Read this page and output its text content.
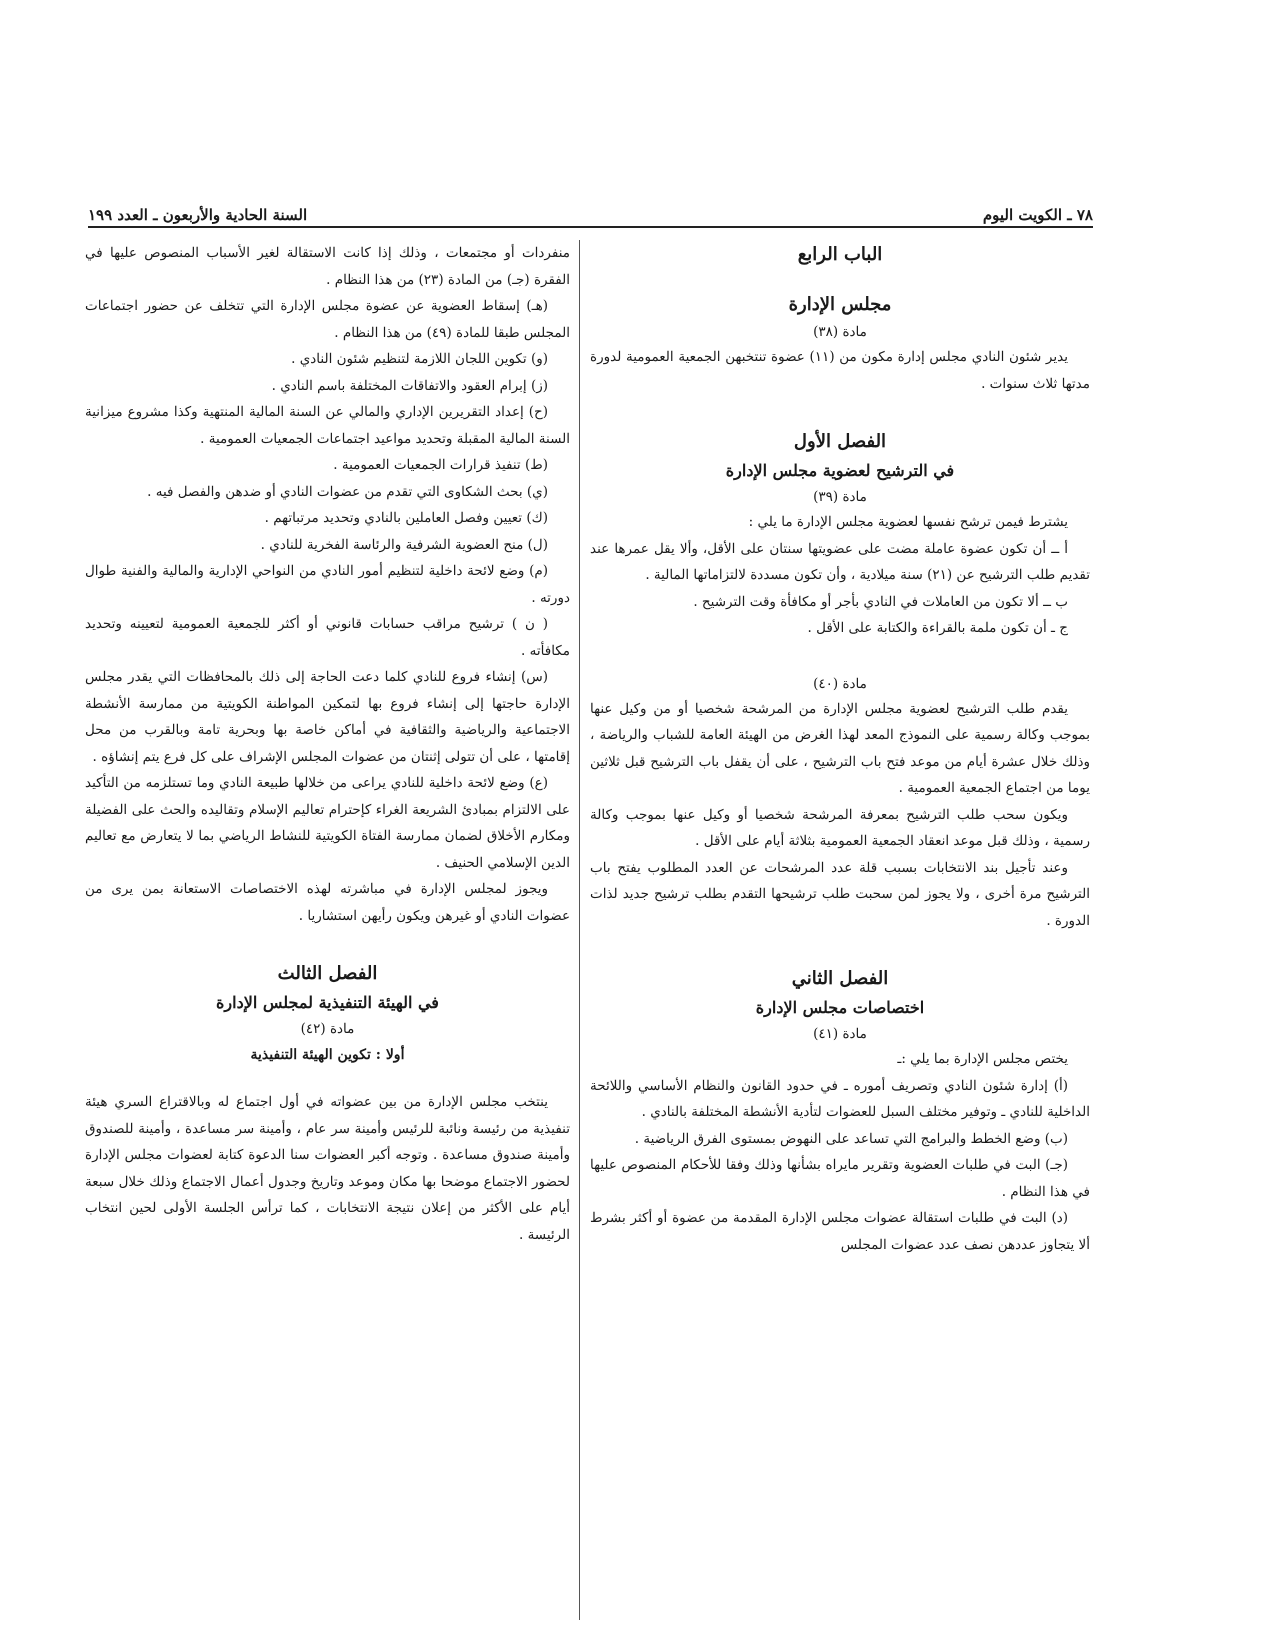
٧٨ ـ الكويت اليوم
السنة الحادية والأربعون ـ العدد ١٩٩
الباب الرابع
مجلس الإدارة
مادة (٣٨)

يدير شئون النادي مجلس إدارة مكون من (١١) عضوة تنتخبهن الجمعية العمومية لدورة مدتها ثلاث سنوات .

الفصل الأول
في الترشيح لعضوية مجلس الإدارة
مادة (٣٩)

يشترط فيمن ترشح نفسها لعضوية مجلس الإدارة ما يلي :

أ ــ أن تكون عضوة عاملة مضت على عضويتها سنتان على الأقل، وألا يقل عمرها عند تقديم طلب الترشيح عن (٢١) سنة ميلادية ، وأن تكون مسددة لالتزاماتها المالية .

ب ــ ألا تكون من العاملات في النادي بأجر أو مكافأة وقت الترشيح .

ج ـ أن تكون ملمة بالقراءة والكتابة على الأقل .

مادة (٤٠)

يقدم طلب الترشيح لعضوية مجلس الإدارة من المرشحة شخصيا أو من وكيل عنها بموجب وكالة رسمية على النموذج المعد لهذا الغرض من الهيئة العامة للشباب والرياضة ، وذلك خلال عشرة أيام من موعد فتح باب الترشيح ، على أن يقفل باب الترشيح قبل ثلاثين يوما من اجتماع الجمعية العمومية .

ويكون سحب طلب الترشيح بمعرفة المرشحة شخصيا أو وكيل عنها بموجب وكالة رسمية ، وذلك قبل موعد انعقاد الجمعية العمومية بثلاثة أيام على الأقل .

وعند تأجيل بند الانتخابات بسبب قلة عدد المرشحات عن العدد المطلوب يفتح باب الترشيح مرة أخرى ، ولا يجوز لمن سحبت طلب ترشيحها التقدم بطلب ترشيح جديد لذات الدورة .

الفصل الثاني
اختصاصات مجلس الإدارة
مادة (٤١)

يختص مجلس الإدارة بما يلي :ـ

(أ) إدارة شئون النادي وتصريف أموره ـ في حدود القانون والنظام الأساسي واللائحة الداخلية للنادي ـ وتوفير مختلف السبل للعضوات لتأدية الأنشطة المختلفة بالنادي .

(ب) وضع الخطط والبرامج التي تساعد على النهوض بمستوى الفرق الرياضية .

(جـ) البت في طلبات العضوية وتقرير مايراه بشأنها وذلك وفقا للأحكام المنصوص عليها في هذا النظام .

(د) البت في طلبات استقالة عضوات مجلس الإدارة المقدمة من عضوة أو أكثر بشرط ألا يتجاوز عددهن نصف عدد عضوات المجلس

منفردات أو مجتمعات ، وذلك إذا كانت الاستقالة لغير الأسباب المنصوص عليها في الفقرة (جـ) من المادة (٢٣) من هذا النظام .

(هـ) إسقاط العضوية عن عضوة مجلس الإدارة التي تتخلف عن حضور اجتماعات المجلس طبقا للمادة (٤٩) من هذا النظام .

(و) تكوين اللجان اللازمة لتنظيم شئون النادي .

(ز) إبرام العقود والاتفاقات المختلفة باسم النادي .

(ح) إعداد التقريرين الإداري والمالي عن السنة المالية المنتهية وكذا مشروع ميزانية السنة المالية المقبلة وتحديد مواعيد اجتماعات الجمعيات العمومية .

(ط) تنفيذ قرارات الجمعيات العمومية .

(ي) بحث الشكاوى التي تقدم من عضوات النادي أو ضدهن والفصل فيه .

(ك) تعيين وفصل العاملين بالنادي وتحديد مرتباتهم .

(ل) منح العضوية الشرفية والرئاسة الفخرية للنادي .

(م) وضع لائحة داخلية لتنظيم أمور النادي من النواحي الإدارية والمالية والفنية طوال دورته .

( ن ) ترشيح مراقب حسابات قانوني أو أكثر للجمعية العمومية لتعيينه وتحديد مكافأته .

(س) إنشاء فروع للنادي كلما دعت الحاجة إلى ذلك بالمحافظات التي يقدر مجلس الإدارة حاجتها إلى إنشاء فروع بها لتمكين المواطنة الكويتية من ممارسة الأنشطة الاجتماعية والرياضية والثقافية في أماكن خاصة بها وبحرية تامة وبالقرب من محل إقامتها ، على أن تتولى إثنتان من عضوات المجلس الإشراف على كل فرع يتم إنشاؤه .

(ع) وضع لائحة داخلية للنادي يراعى من خلالها طبيعة النادي وما تستلزمه من التأكيد على الالتزام بمبادئ الشريعة الغراء كإحترام تعاليم الإسلام وتقاليده والحث على الفضيلة ومكارم الأخلاق لضمان ممارسة الفتاة الكويتية للنشاط الرياضي بما لا يتعارض مع تعاليم الدين الإسلامي الحنيف .

ويجوز لمجلس الإدارة في مباشرته لهذه الاختصاصات الاستعانة بمن يرى من عضوات النادي أو غيرهن ويكون رأيهن استشاريا .

الفصل الثالث
في الهيئة التنفيذية لمجلس الإدارة
مادة (٤٢)
أولا : تكوين الهيئة التنفيذية

ينتخب مجلس الإدارة من بين عضواته في أول اجتماع له وبالاقتراع السري هيئة تنفيذية من رئيسة ونائبة للرئيس وأمينة سر عام ، وأمينة سر مساعدة ، وأمينة للصندوق وأمينة صندوق مساعدة . وتوجه أكبر العضوات سنا الدعوة كتابة لعضوات مجلس الإدارة لحضور الاجتماع موضحا بها مكان وموعد وتاريخ وجدول أعمال الاجتماع وذلك خلال سبعة أيام على الأكثر من إعلان نتيجة الانتخابات ، كما ترأس الجلسة الأولى لحين انتخاب الرئيسة .
